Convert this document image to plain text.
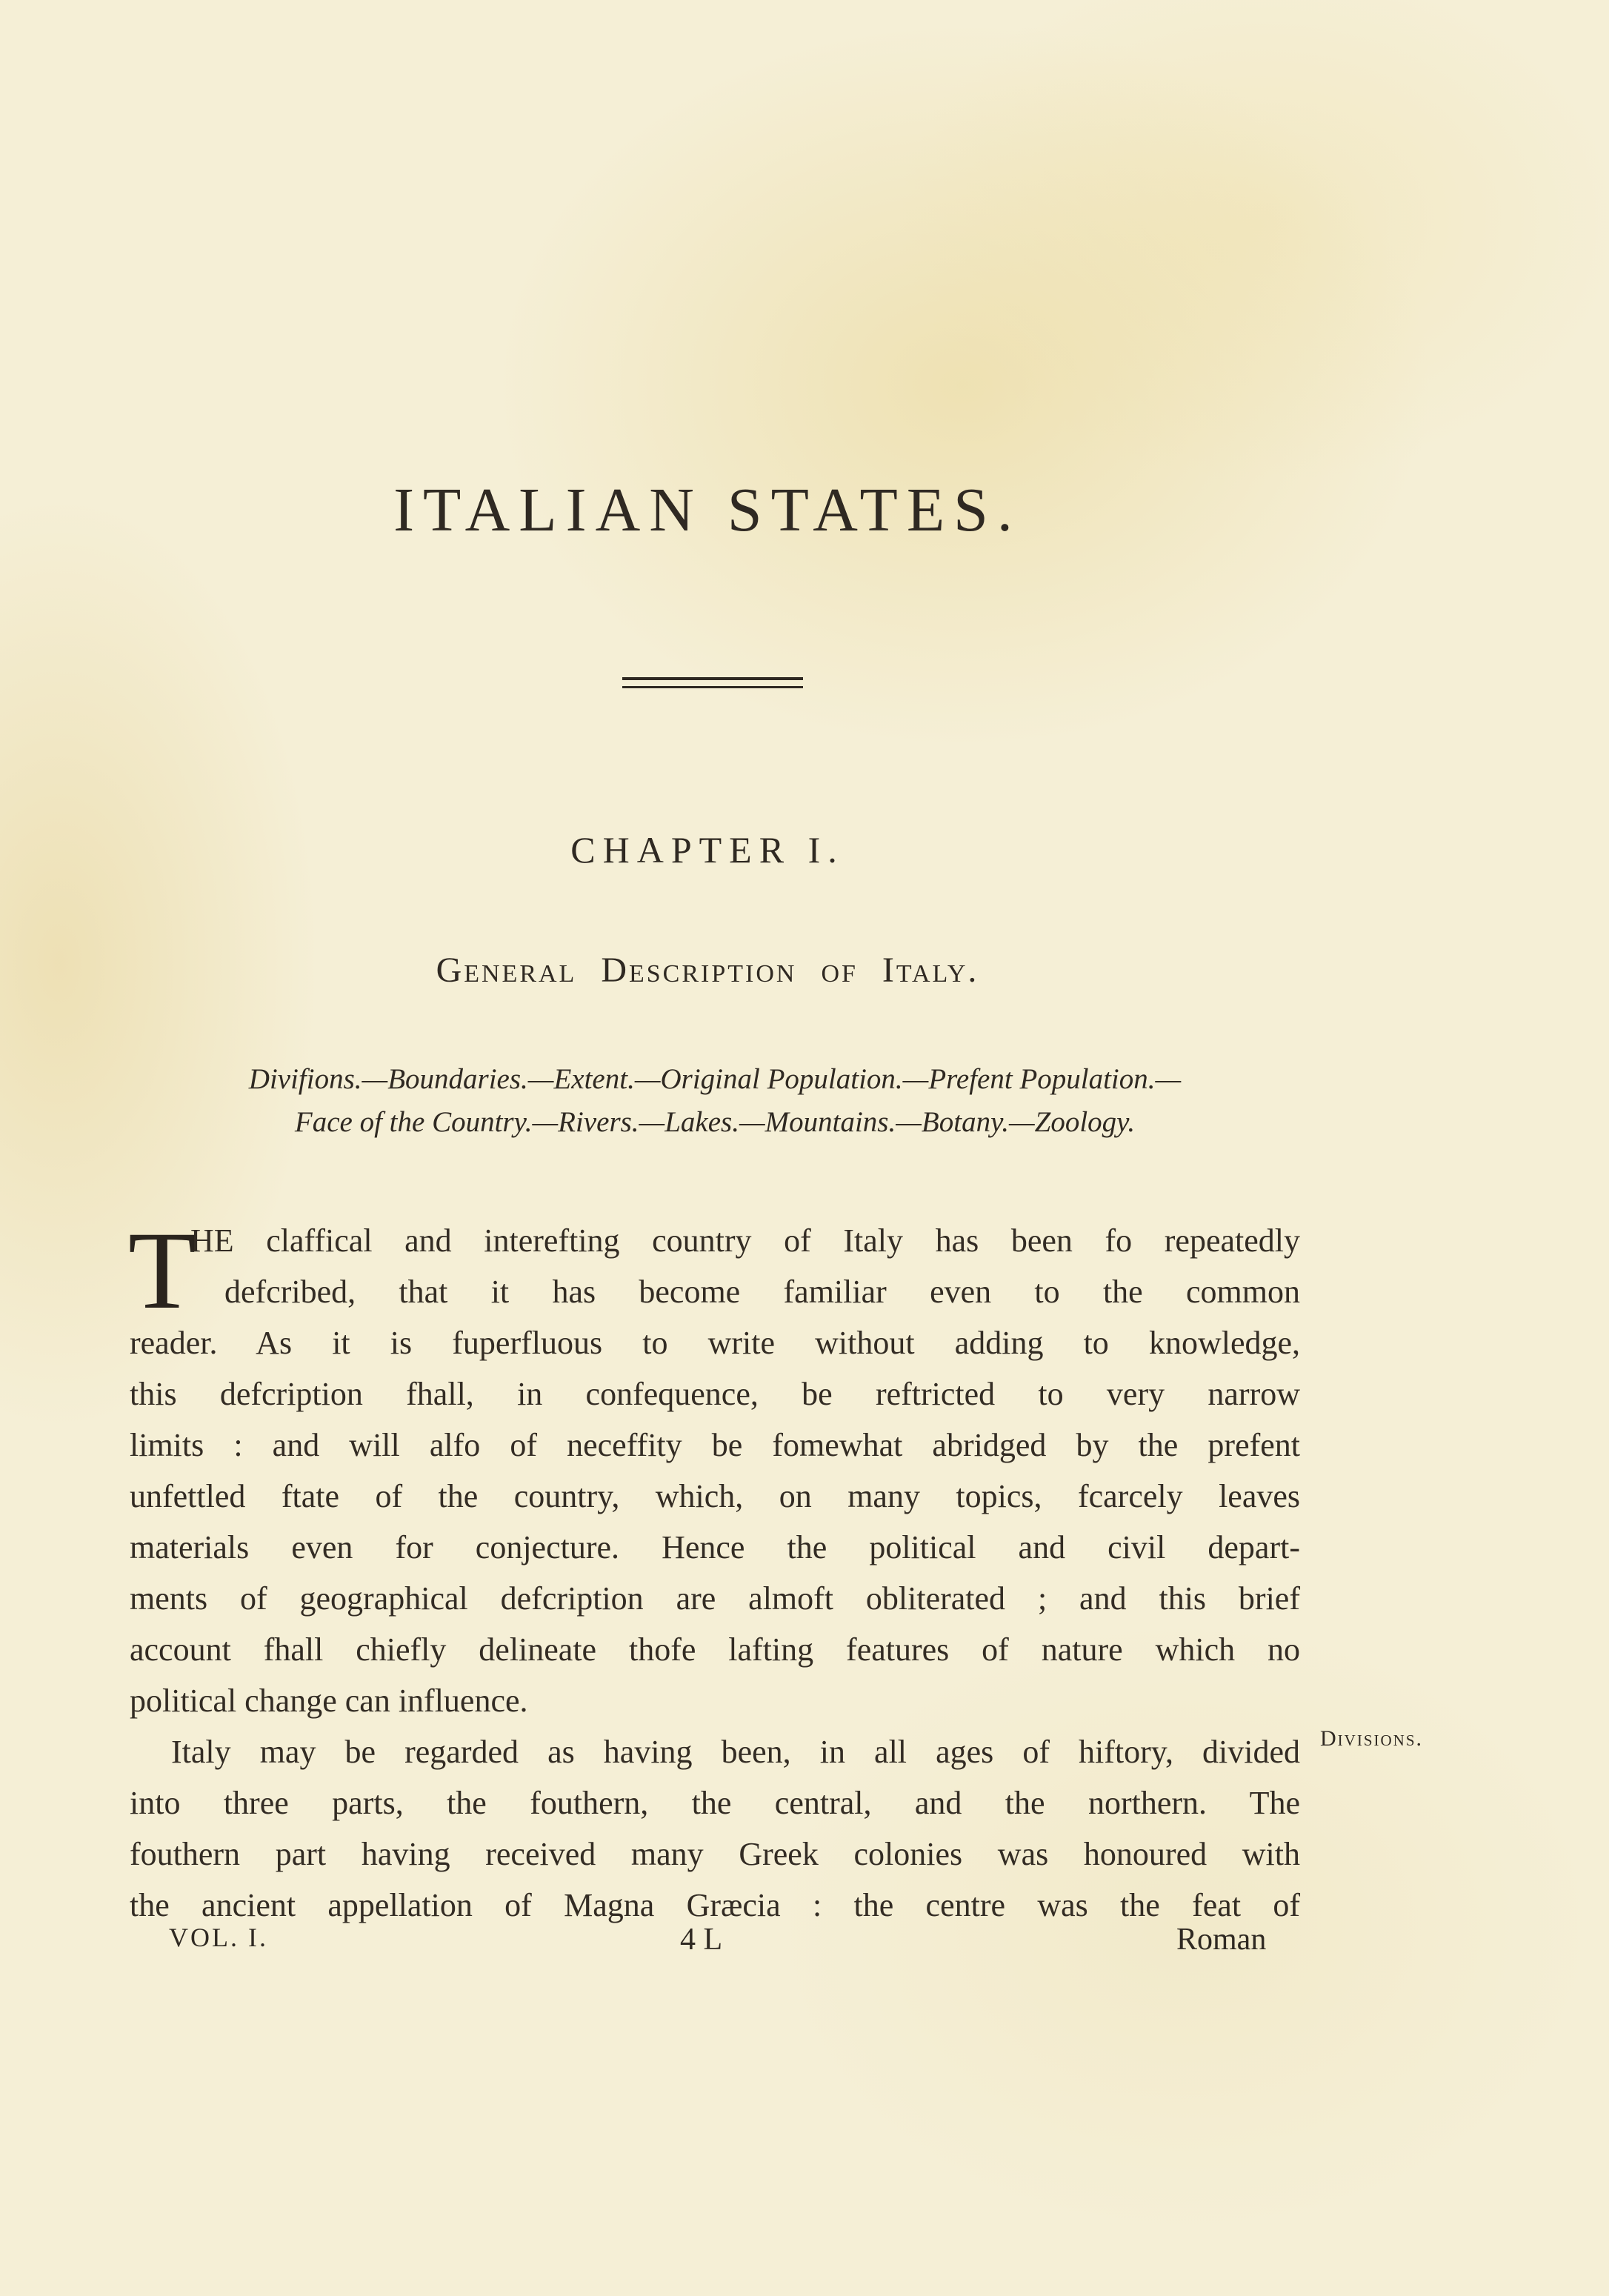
ITALIAN STATES.
CHAPTER I.
General Description of Italy.
Divifions.—Boundaries.—Extent.—Original Population.—Prefent Population.—
Face of the Country.—Rivers.—Lakes.—Mountains.—Botany.—Zoology.
T
HE claffical and interefting country of Italy has been fo repeatedly
defcribed, that it has become familiar even to the common
reader. As it is fuperfluous to write without adding to knowledge,
this defcription fhall, in confequence, be reftricted to very narrow
limits : and will alfo of neceffity be fomewhat abridged by the prefent
unfettled ftate of the country, which, on many topics, fcarcely leaves
materials even for conjecture. Hence the political and civil depart-
ments of geographical defcription are almoft obliterated ; and this brief
account fhall chiefly delineate thofe lafting features of nature which no
political change can influence.
Italy may be regarded as having been, in all ages of hiftory, divided
into three parts, the fouthern, the central, and the northern. The
fouthern part having received many Greek colonies was honoured with
the ancient appellation of Magna Græcia : the centre was the feat of
Divisions.
VOL. I.	4 L	Roman
